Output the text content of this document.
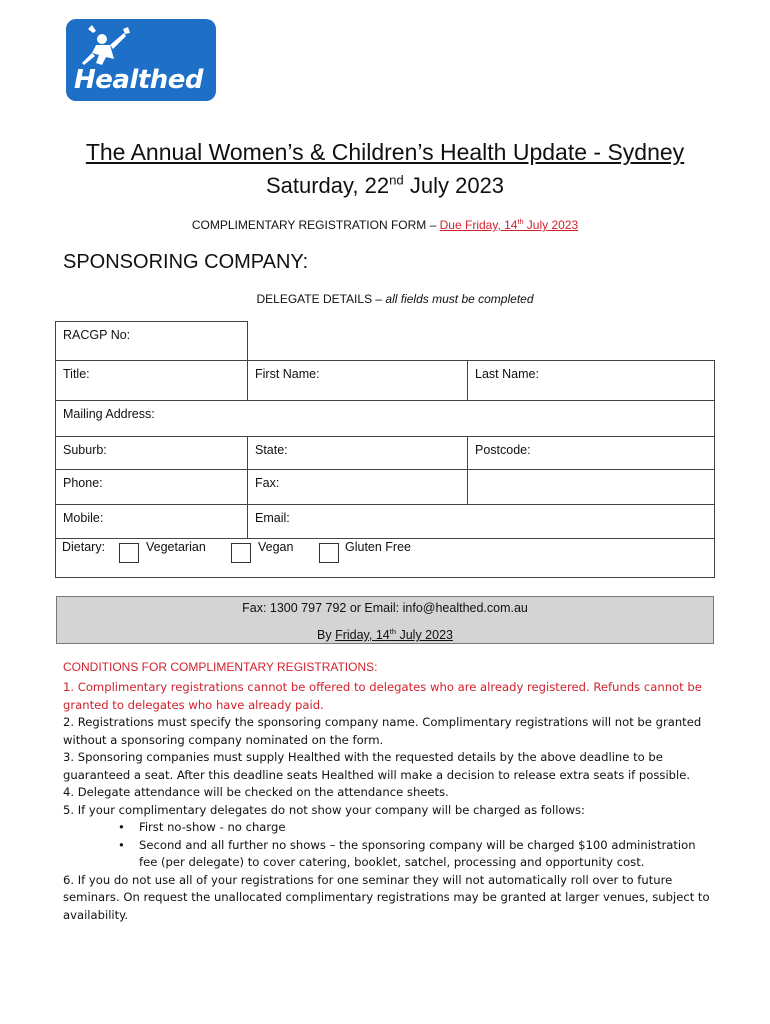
Healthed
The Annual Women’s & Children’s Health Update - Sydney
Saturday, 22nd July 2023
COMPLIMENTARY REGISTRATION FORM – Due Friday, 14th July 2023
SPONSORING COMPANY:
DELEGATE DETAILS – all fields must be completed
RACGP No:
Title:	First Name:	Last Name:
Mailing Address:
Suburb:	State:	Postcode:
Phone:	Fax:
Mobile:	Email:
Dietary:	Vegetarian	Vegan	Gluten Free
Fax: 1300 797 792 or Email: info@healthed.com.au
By Friday, 14th July 2023
CONDITIONS FOR COMPLIMENTARY REGISTRATIONS:

1. Complimentary registrations cannot be offered to delegates who are already registered. Refunds cannot be granted to delegates who have already paid.

2. Registrations must specify the sponsoring company name. Complimentary registrations will not be granted without a sponsoring company nominated on the form.

3. Sponsoring companies must supply Healthed with the requested details by the above deadline to be guaranteed a seat. After this deadline seats Healthed will make a decision to release extra seats if possible.

4. Delegate attendance will be checked on the attendance sheets.

5. If your complimentary delegates do not show your company will be charged as follows:

• First no-show - no charge
• Second and all further no shows – the sponsoring company will be charged $100 administration fee (per delegate) to cover catering, booklet, satchel, processing and opportunity cost.

6. If you do not use all of your registrations for one seminar they will not automatically roll over to future seminars. On request the unallocated complimentary registrations may be granted at larger venues, subject to availability.
